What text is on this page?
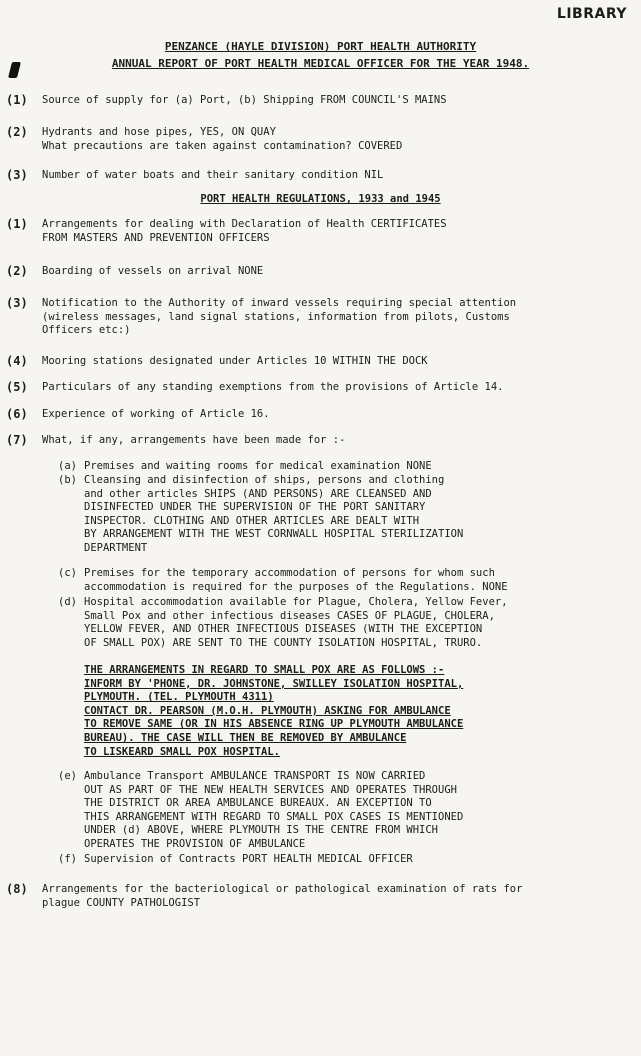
LIBRARY
PENZANCE (HAYLE DIVISION) PORT HEALTH AUTHORITY
ANNUAL REPORT OF PORT HEALTH MEDICAL OFFICER FOR THE YEAR 1948.
(1) Source of supply for (a) Port, (b) Shipping FROM COUNCIL'S MAINS
(2) Hydrants and hose pipes, YES, ON QUAY
What precautions are taken against contamination? COVERED
(3) Number of water boats and their sanitary condition NIL
PORT HEALTH REGULATIONS, 1933 and 1945
(1) Arrangements for dealing with Declaration of Health CERTIFICATES
FROM MASTERS AND PREVENTION OFFICERS
(2) Boarding of vessels on arrival NONE
(3) Notification to the Authority of inward vessels requiring special attention
(wireless messages, land signal stations, information from pilots, Customs
Officers etc:)
(4) Mooring stations designated under Articles 10 WITHIN THE DOCK
(5) Particulars of any standing exemptions from the provisions of Article 14.
(6) Experience of working of Article 16.
(7) What, if any, arrangements have been made for :-
(a) Premises and waiting rooms for medical examination NONE
(b) Cleansing and disinfection of ships, persons and clothing
and other articles SHIPS (AND PERSONS) ARE CLEANSED AND
DISINFECTED UNDER THE SUPERVISION OF THE PORT SANITARY
INSPECTOR. CLOTHING AND OTHER ARTICLES ARE DEALT WITH
BY ARRANGEMENT WITH THE WEST CORNWALL HOSPITAL STERILIZATION
DEPARTMENT
(c) Premises for the temporary accommodation of persons for whom such
accommodation is required for the purposes of the Regulations. NONE
(d) Hospital accommodation available for Plague, Cholera, Yellow Fever,
Small Pox and other infectious diseases CASES OF PLAGUE, CHOLERA,
YELLOW FEVER, AND OTHER INFECTIOUS DISEASES (WITH THE EXCEPTION
OF SMALL POX) ARE SENT TO THE COUNTY ISOLATION HOSPITAL, TRURO.
THE ARRANGEMENTS IN REGARD TO SMALL POX ARE AS FOLLOWS :-
INFORM BY 'PHONE, DR. JOHNSTONE, SWILLEY ISOLATION HOSPITAL,
PLYMOUTH. (TEL. PLYMOUTH 4311)
CONTACT DR. PEARSON (M.O.H. PLYMOUTH) ASKING FOR AMBULANCE
TO REMOVE SAME (OR IN HIS ABSENCE RING UP PLYMOUTH AMBULANCE
BUREAU). THE CASE WILL THEN BE REMOVED BY AMBULANCE
TO LISKEARD SMALL POX HOSPITAL.
(e) Ambulance Transport AMBULANCE TRANSPORT IS NOW CARRIED
OUT AS PART OF THE NEW HEALTH SERVICES AND OPERATES THROUGH
THE DISTRICT OR AREA AMBULANCE BUREAUX. AN EXCEPTION TO
THIS ARRANGEMENT WITH REGARD TO SMALL POX CASES IS MENTIONED
UNDER (d) ABOVE, WHERE PLYMOUTH IS THE CENTRE FROM WHICH
OPERATES THE PROVISION OF AMBULANCE
(f) Supervision of Contracts PORT HEALTH MEDICAL OFFICER
(8) Arrangements for the bacteriological or pathological examination of rats for
plague COUNTY PATHOLOGIST
